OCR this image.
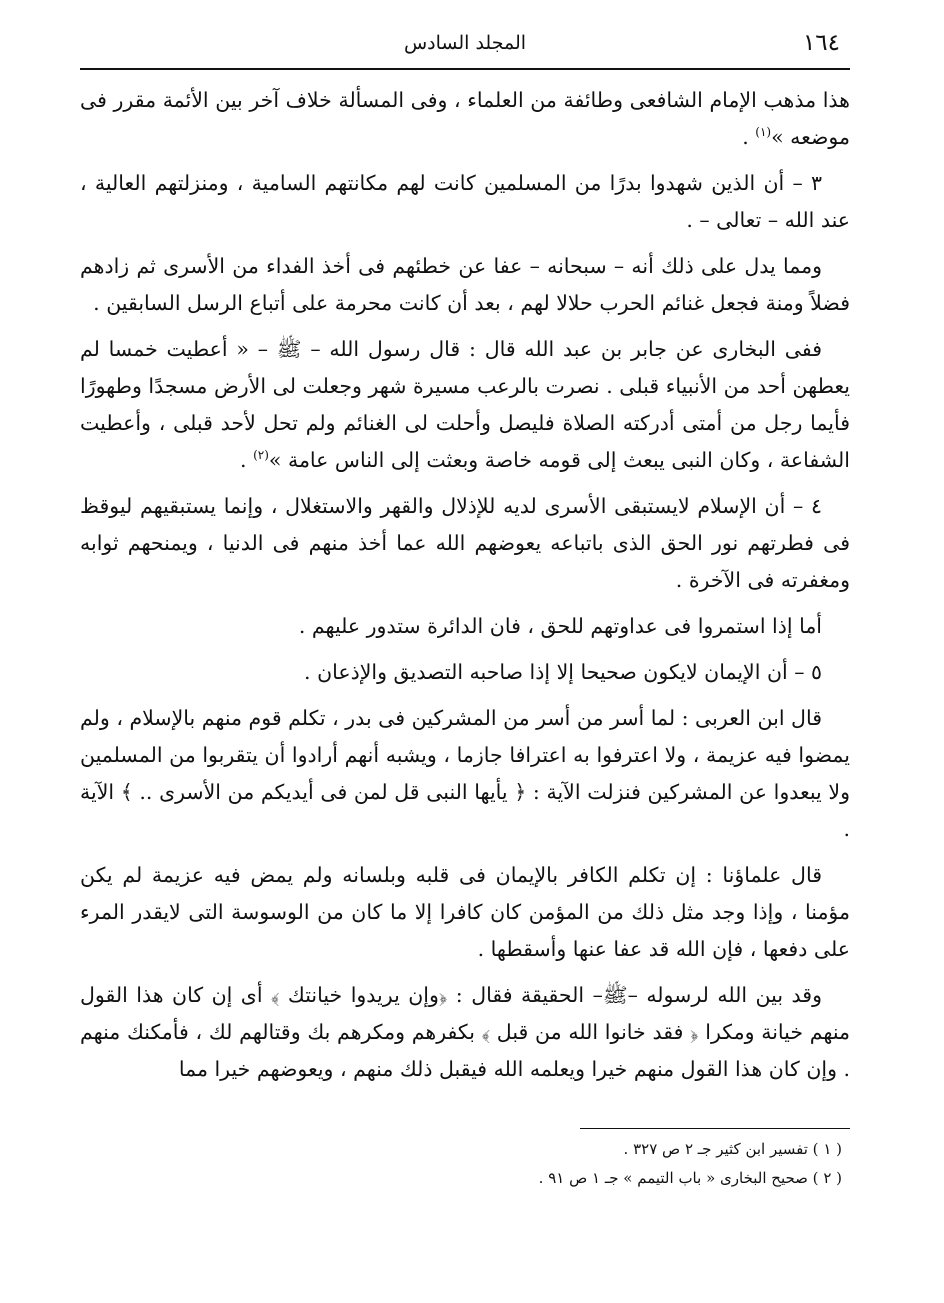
١٦٤
المجلد السادس

هذا مذهب الإمام الشافعى وطائفة من العلماء ، وفى المسألة خلاف آخر بين الأئمة مقرر فى موضعه »$^{(١)}$ .

٣ – أن الذين شهدوا بدرًا من المسلمين كانت لهم مكانتهم السامية ، ومنزلتهم العالية ، عند الله – تعالى – .

ومما يدل على ذلك أنه – سبحانه – عفا عن خطئهم فى أخذ الفداء من الأسرى ثم زادهم فضلاً ومنة فجعل غنائم الحرب حلالا لهم ، بعد أن كانت محرمة على أتباع الرسل السابقين .

ففى البخارى عن جابر بن عبد الله قال : قال رسول الله – ﷺ – « أعطيت خمسا لم يعطهن أحد من الأنبياء قبلى . نصرت بالرعب مسيرة شهر وجعلت لى الأرض مسجدًا وطهورًا فأيما رجل من أمتى أدركته الصلاة فليصل وأحلت لى الغنائم ولم تحل لأحد قبلى ، وأعطيت الشفاعة ، وكان النبى يبعث إلى قومه خاصة وبعثت إلى الناس عامة »$^{(٢)}$ .

٤ – أن الإسلام لايستبقى الأسرى لديه للإذلال والقهر والاستغلال ، وإنما يستبقيهم ليوقظ فى فطرتهم نور الحق الذى باتباعه يعوضهم الله عما أخذ منهم فى الدنيا ، ويمنحهم ثوابه ومغفرته فى الآخرة .

أما إذا استمروا فى عداوتهم للحق ، فان الدائرة ستدور عليهم .

٥ – أن الإيمان لايكون صحيحا إلا إذا صاحبه التصديق والإذعان .

قال ابن العربى : لما أسر من أسر من المشركين فى بدر ، تكلم قوم منهم بالإسلام ، ولم يمضوا فيه عزيمة ، ولا اعترفوا به اعترافا جازما ، ويشبه أنهم أرادوا أن يتقربوا من المسلمين ولا يبعدوا عن المشركين فنزلت الآية : ﴿ يأيها النبى قل لمن فى أيديكم من الأسرى .. ﴾ الآية .

قال علماؤنا : إن تكلم الكافر بالإيمان فى قلبه وبلسانه ولم يمض فيه عزيمة لم يكن مؤمنا ، وإذا وجد مثل ذلك من المؤمن كان كافرا إلا ما كان من الوسوسة التى لايقدر المرء على دفعها ، فإن الله قد عفا عنها وأسقطها .

وقد بين الله لرسوله –ﷺ– الحقيقة فقال : ﴿وإن يريدوا خيانتك ﴾ أى إن كان هذا القول منهم خيانة ومكرا ﴿ فقد خانوا الله من قبل ﴾ بكفرهم ومكرهم بك وقتالهم لك ، فأمكنك منهم . وإن كان هذا القول منهم خيرا ويعلمه الله فيقبل ذلك منهم ، ويعوضهم خيرا مما

( ١ ) تفسير ابن كثير جـ ٢ ص ٣٢٧ .
( ٢ ) صحيح البخارى « باب التيمم » جـ ١ ص ٩١ .
